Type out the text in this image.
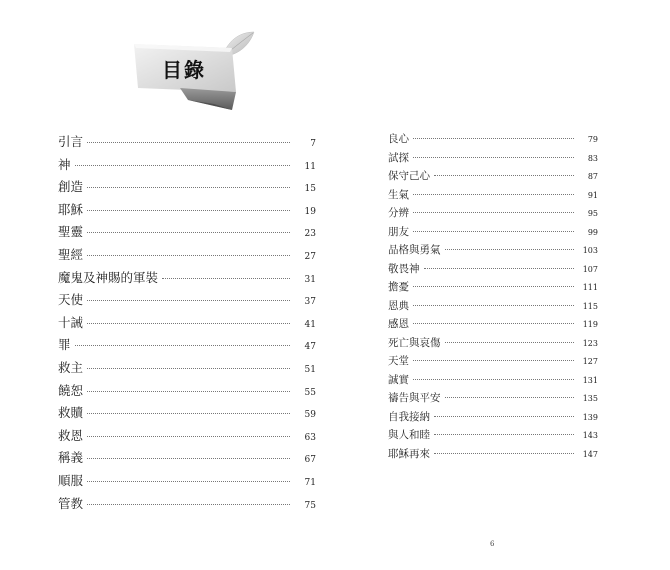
目錄
引言	7
神	11
創造	15
耶穌	19
聖靈	23
聖經	27
魔鬼及神賜的軍裝	31
天使	37
十誡	41
罪	47
救主	51
饒恕	55
救贖	59
救恩	63
稱義	67
順服	71
管教	75
良心	79
試探	83
保守己心	87
生氣	91
分辨	95
朋友	99
品格與勇氣	103
敬畏神	107
擔憂	111
恩典	115
感恩	119
死亡與哀傷	123
天堂	127
誠實	131
禱告與平安	135
自我接納	139
與人和睦	143
耶穌再來	147
6
